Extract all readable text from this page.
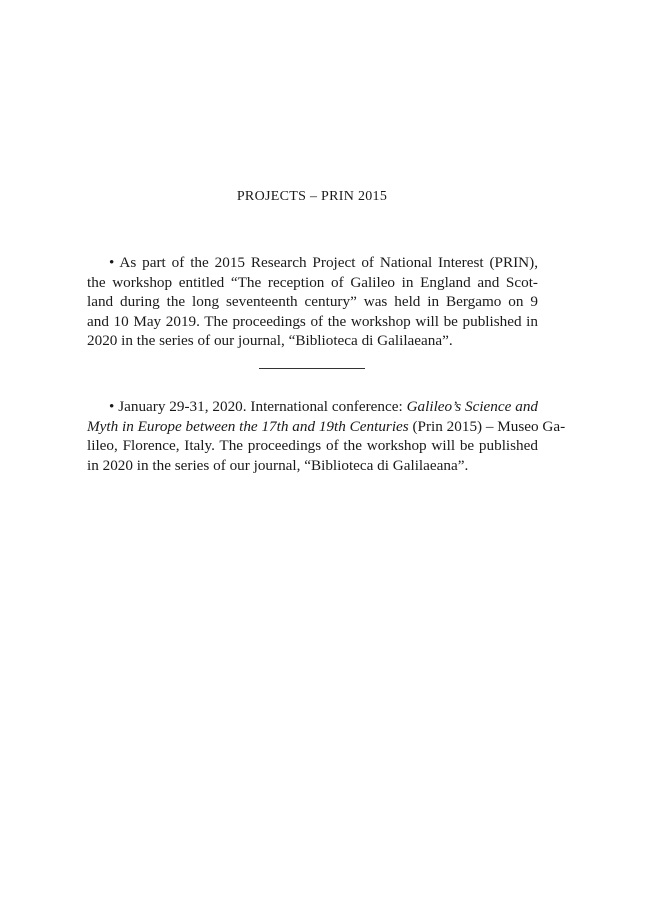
PROJECTS – PRIN 2015
• As part of the 2015 Research Project of National Interest (PRIN),
the workshop entitled “The reception of Galileo in England and Scot-
land during the long seventeenth century” was held in Bergamo on 9
and 10 May 2019. The proceedings of the workshop will be published in
2020 in the series of our journal, “Biblioteca di Galilaeana”.
• January 29-31, 2020. International conference: Galileo’s Science and
Myth in Europe between the 17th and 19th Centuries (Prin 2015) – Museo Ga-
lileo, Florence, Italy. The proceedings of the workshop will be published
in 2020 in the series of our journal, “Biblioteca di Galilaeana”.
